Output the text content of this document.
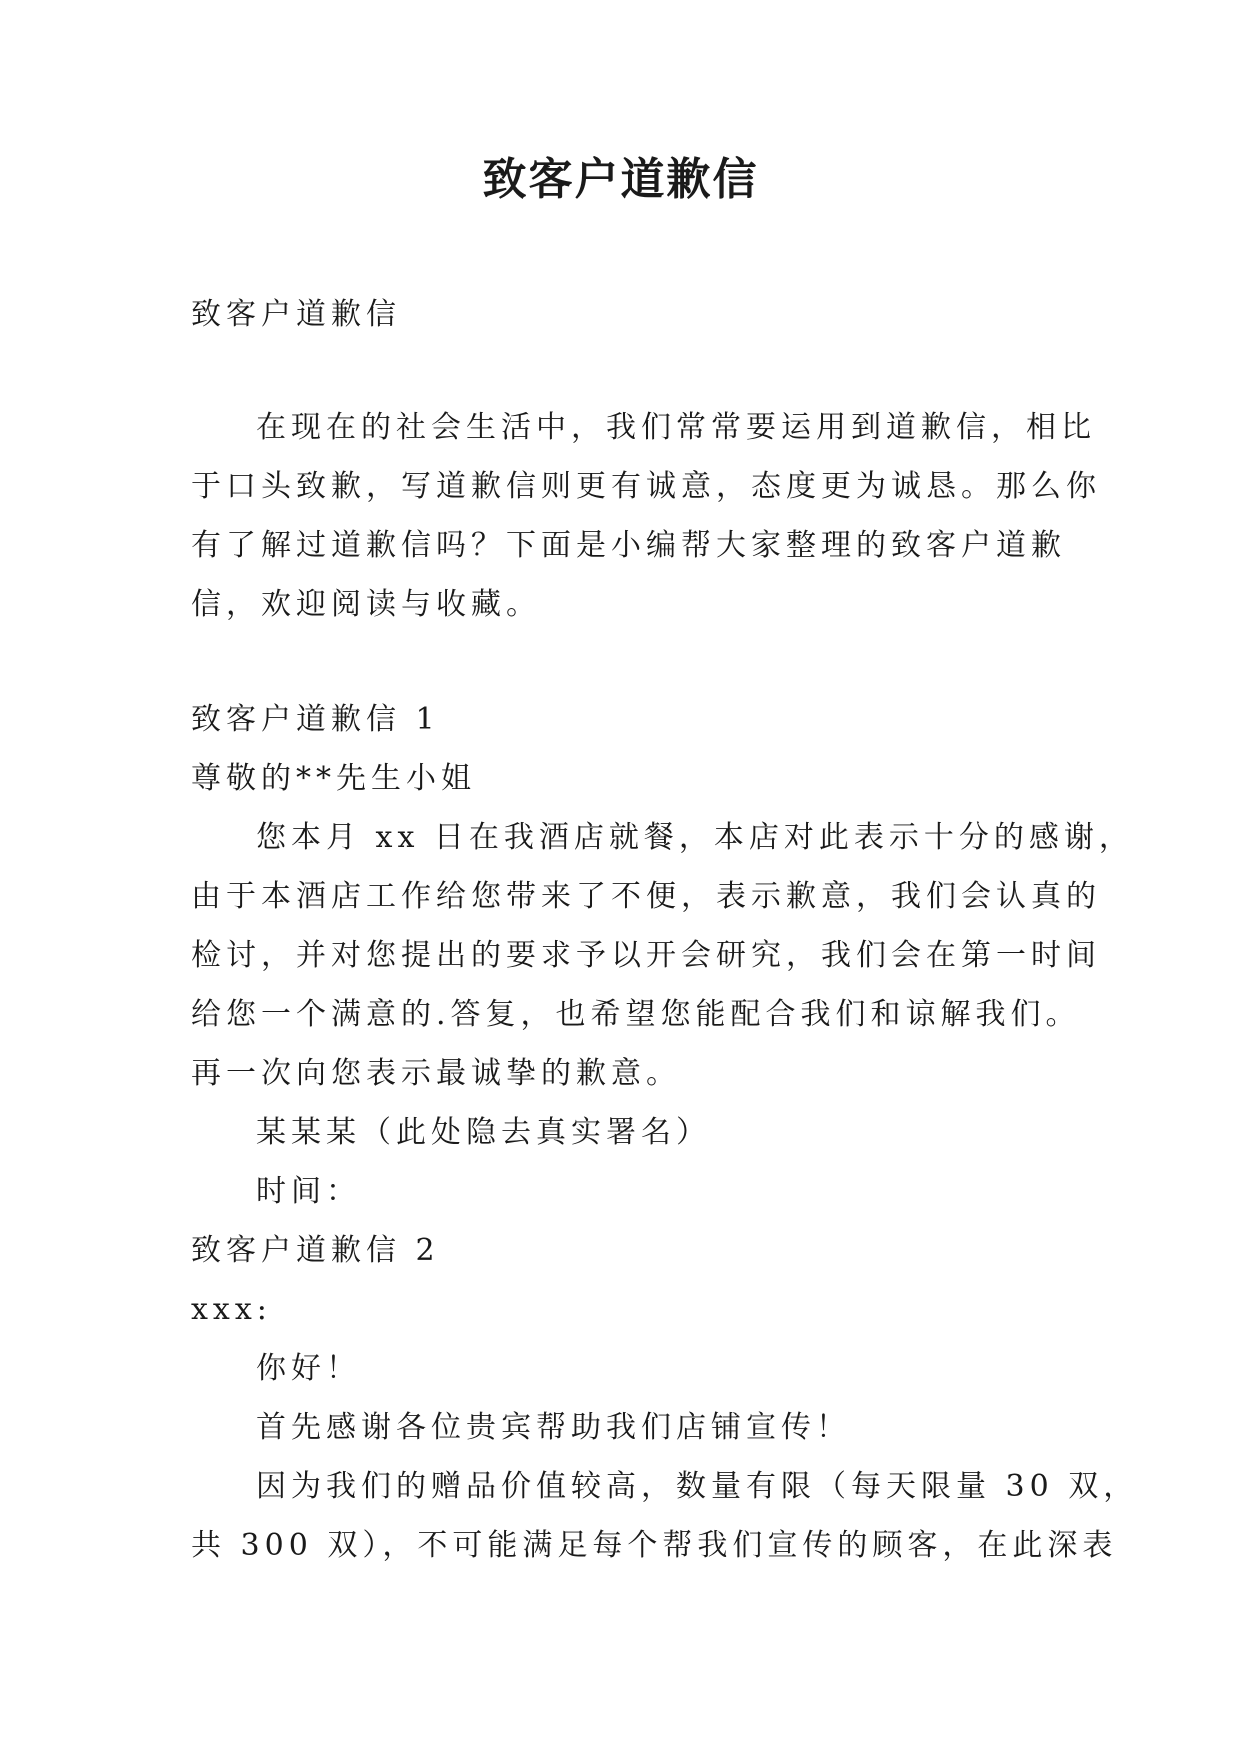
致客户道歉信
致客户道歉信
在现在的社会生活中，我们常常要运用到道歉信，相比
于口头致歉，写道歉信则更有诚意，态度更为诚恳。那么你
有了解过道歉信吗？下面是小编帮大家整理的致客户道歉
信，欢迎阅读与收藏。
致客户道歉信 1
尊敬的**先生小姐
您本月 xx 日在我酒店就餐，本店对此表示十分的感谢，
由于本酒店工作给您带来了不便，表示歉意，我们会认真的
检讨，并对您提出的要求予以开会研究，我们会在第一时间
给您一个满意的.答复，也希望您能配合我们和谅解我们。
再一次向您表示最诚挚的歉意。
某某某（此处隐去真实署名）
时间：
致客户道歉信 2
xxx:
你好！
首先感谢各位贵宾帮助我们店铺宣传！
因为我们的赠品价值较高，数量有限（每天限量 30 双，
共 300 双），不可能满足每个帮我们宣传的顾客，在此深表
